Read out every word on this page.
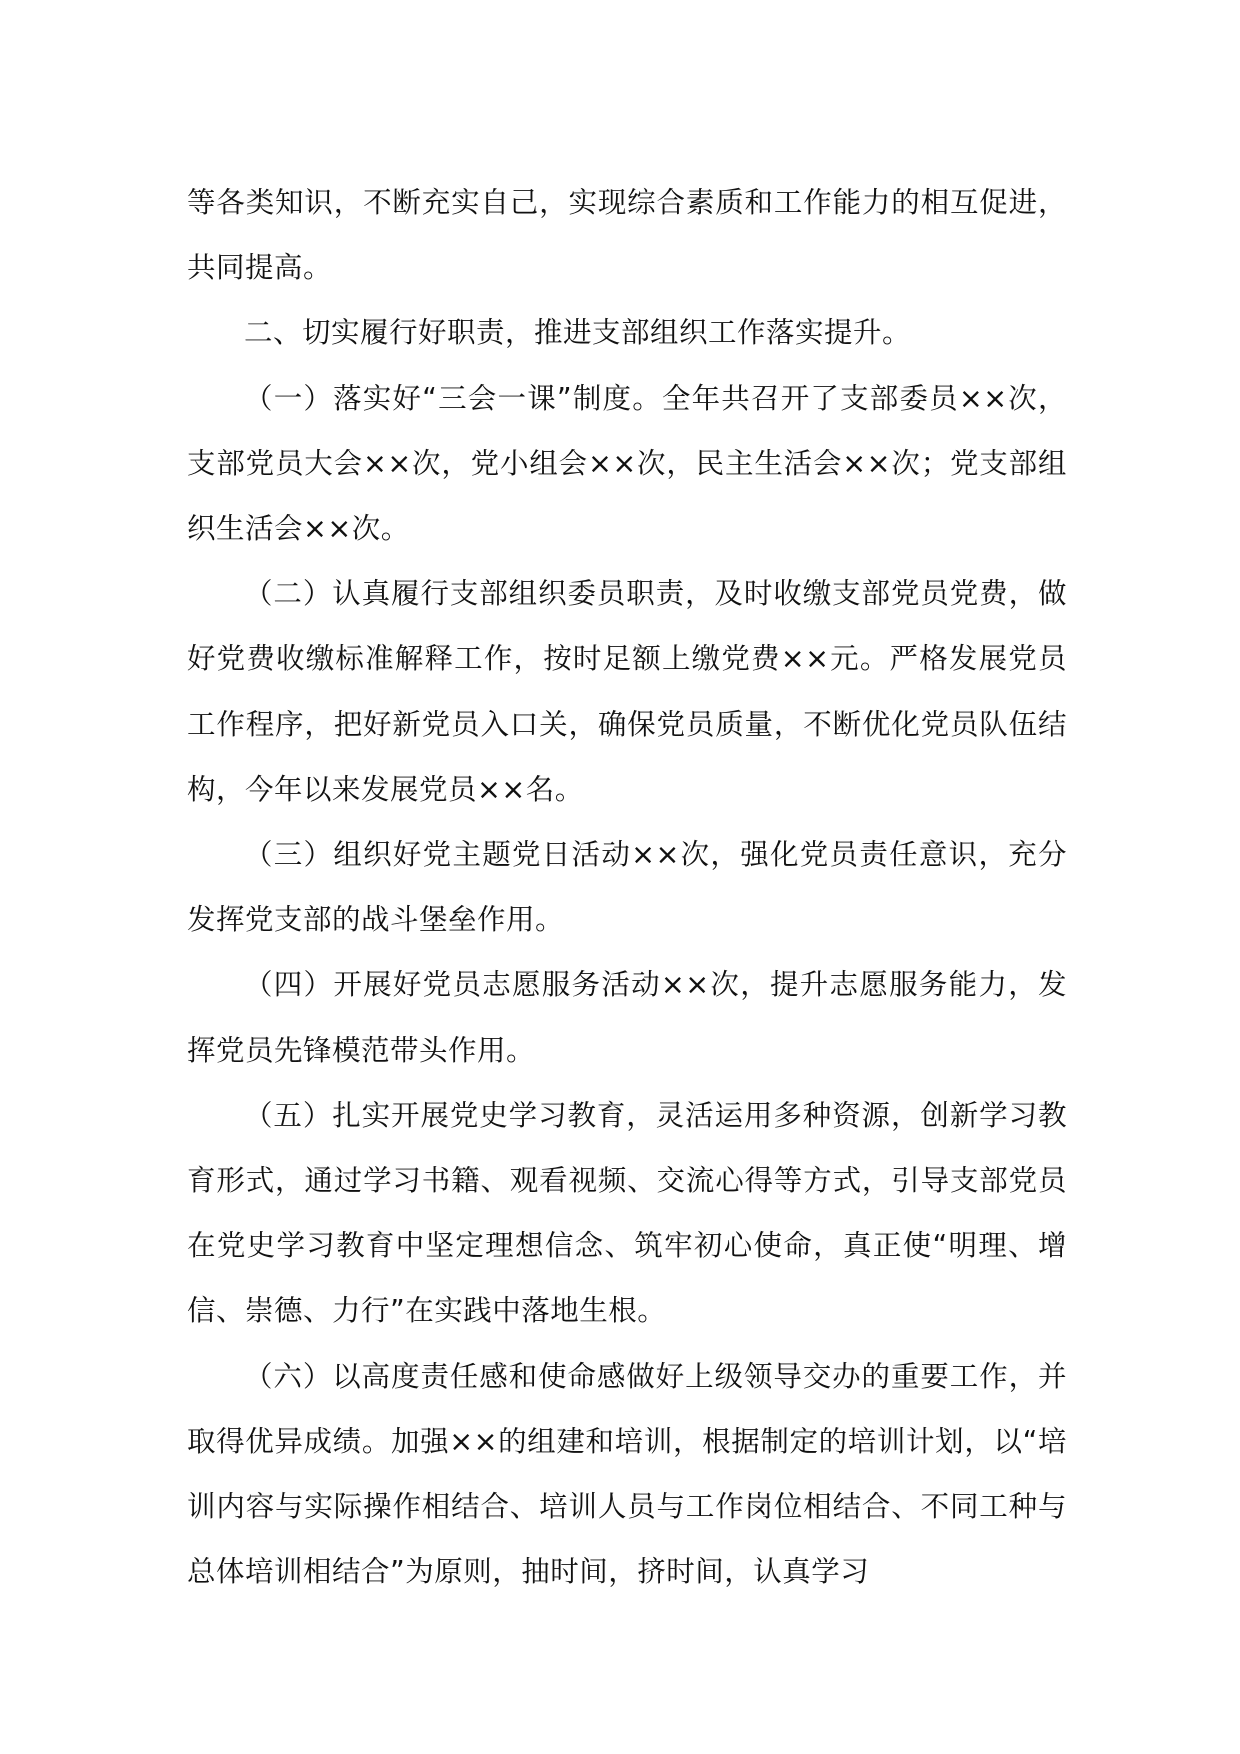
等各类知识，不断充实自己，实现综合素质和工作能力的相互促进，共同提高。

二、切实履行好职责，推进支部组织工作落实提升。

（一）落实好“三会一课”制度。全年共召开了支部委员××次，支部党员大会××次，党小组会××次，民主生活会××次；党支部组织生活会××次。

（二）认真履行支部组织委员职责，及时收缴支部党员党费，做好党费收缴标准解释工作，按时足额上缴党费××元。严格发展党员工作程序，把好新党员入口关，确保党员质量，不断优化党员队伍结构，今年以来发展党员××名。

（三）组织好党主题党日活动××次，强化党员责任意识，充分发挥党支部的战斗堡垒作用。

（四）开展好党员志愿服务活动××次，提升志愿服务能力，发挥党员先锋模范带头作用。

（五）扎实开展党史学习教育，灵活运用多种资源，创新学习教育形式，通过学习书籍、观看视频、交流心得等方式，引导支部党员在党史学习教育中坚定理想信念、筑牢初心使命，真正使“明理、增信、崇德、力行”在实践中落地生根。

（六）以高度责任感和使命感做好上级领导交办的重要工作，并取得优异成绩。加强××的组建和培训，根据制定的培训计划，以“培训内容与实际操作相结合、培训人员与工作岗位相结合、不同工种与总体培训相结合”为原则，抽时间，挤时间，认真学习
